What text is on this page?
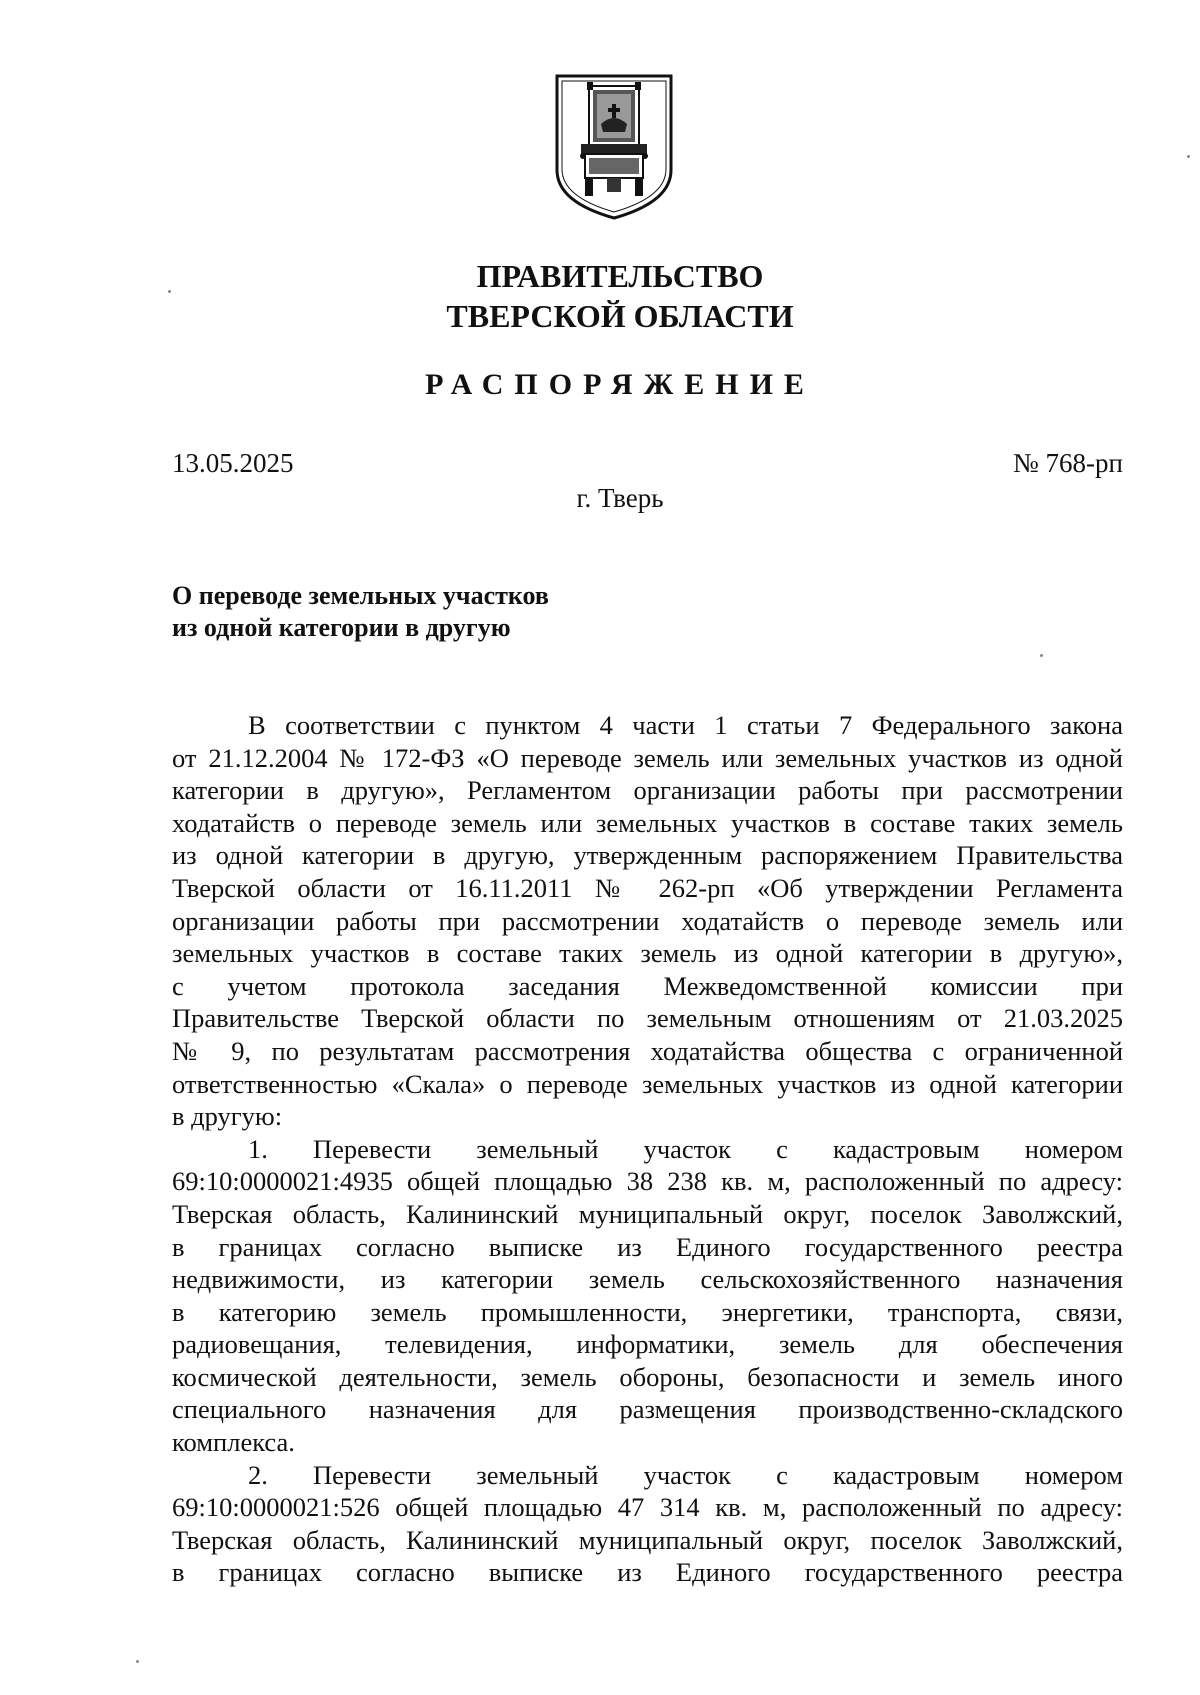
ПРАВИТЕЛЬСТВО
ТВЕРСКОЙ ОБЛАСТИ
РАСПОРЯЖЕНИЕ
13.05.2025	№ 768-рп
г. Тверь
О переводе земельных участков
из одной категории в другую
В соответствии с пунктом 4 части 1 статьи 7 Федерального закона
от 21.12.2004 № 172-ФЗ «О переводе земель или земельных участков из одной
категории в другую», Регламентом организации работы при рассмотрении
ходатайств о переводе земель или земельных участков в составе таких земель
из одной категории в другую, утвержденным распоряжением Правительства
Тверской области от 16.11.2011 № 262-рп «Об утверждении Регламента
организации работы при рассмотрении ходатайств о переводе земель или
земельных участков в составе таких земель из одной категории в другую»,
с учетом протокола заседания Межведомственной комиссии при
Правительстве Тверской области по земельным отношениям от 21.03.2025
№ 9, по результатам рассмотрения ходатайства общества с ограниченной
ответственностью «Скала» о переводе земельных участков из одной категории
в другую:
1. Перевести земельный участок с кадастровым номером
69:10:0000021:4935 общей площадью 38 238 кв. м, расположенный по адресу:
Тверская область, Калининский муниципальный округ, поселок Заволжский,
в границах согласно выписке из Единого государственного реестра
недвижимости, из категории земель сельскохозяйственного назначения
в категорию земель промышленности, энергетики, транспорта, связи,
радиовещания, телевидения, информатики, земель для обеспечения
космической деятельности, земель обороны, безопасности и земель иного
специального назначения для размещения производственно-складского
комплекса.
2. Перевести земельный участок с кадастровым номером
69:10:0000021:526 общей площадью 47 314 кв. м, расположенный по адресу:
Тверская область, Калининский муниципальный округ, поселок Заволжский,
в границах согласно выписке из Единого государственного реестра
